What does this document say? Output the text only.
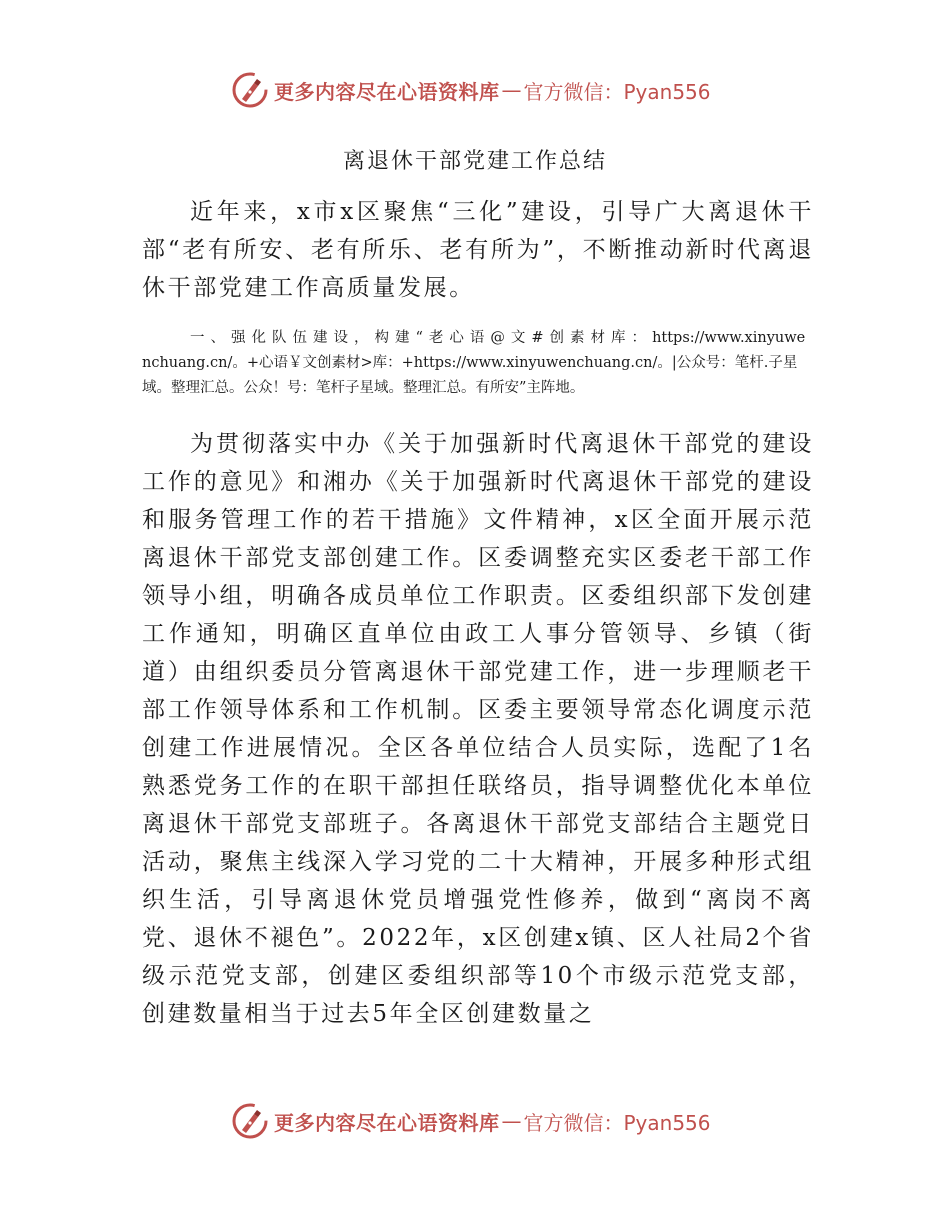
更多内容尽在心语资料库 — 官方微信：Pyan556
离退休干部党建工作总结

近年来，x市x区聚焦“三化”建设，引导广大离退休干部“老有所安、老有所乐、老有所为”，不断推动新时代离退休干部党建工作高质量发展。

一、强化队伍建设，构建“老心语@文#创素材库：https://www.xinyuwenchuang.cn/。+心语￥文创素材>库：+https://www.xinyuwenchuang.cn/。|公众号：笔杆.子星域。整理汇总。公众！号：笔杆子星域。整理汇总。有所安”主阵地。

为贯彻落实中办《关于加强新时代离退休干部党的建设工作的意见》和湘办《关于加强新时代离退休干部党的建设和服务管理工作的若干措施》文件精神，x区全面开展示范离退休干部党支部创建工作。区委调整充实区委老干部工作领导小组，明确各成员单位工作职责。区委组织部下发创建工作通知，明确区直单位由政工人事分管领导、乡镇（街道）由组织委员分管离退休干部党建工作，进一步理顺老干部工作领导体系和工作机制。区委主要领导常态化调度示范创建工作进展情况。全区各单位结合人员实际，选配了1名熟悉党务工作的在职干部担任联络员，指导调整优化本单位离退休干部党支部班子。各离退休干部党支部结合主题党日活动，聚焦主线深入学习党的二十大精神，开展多种形式组织生活，引导离退休党员增强党性修养，做到“离岗不离党、退休不褪色”。2022年，x区创建x镇、区人社局2个省级示范党支部，创建区委组织部等10个市级示范党支部，创建数量相当于过去5年全区创建数量之

更多内容尽在心语资料库 — 官方微信：Pyan556
